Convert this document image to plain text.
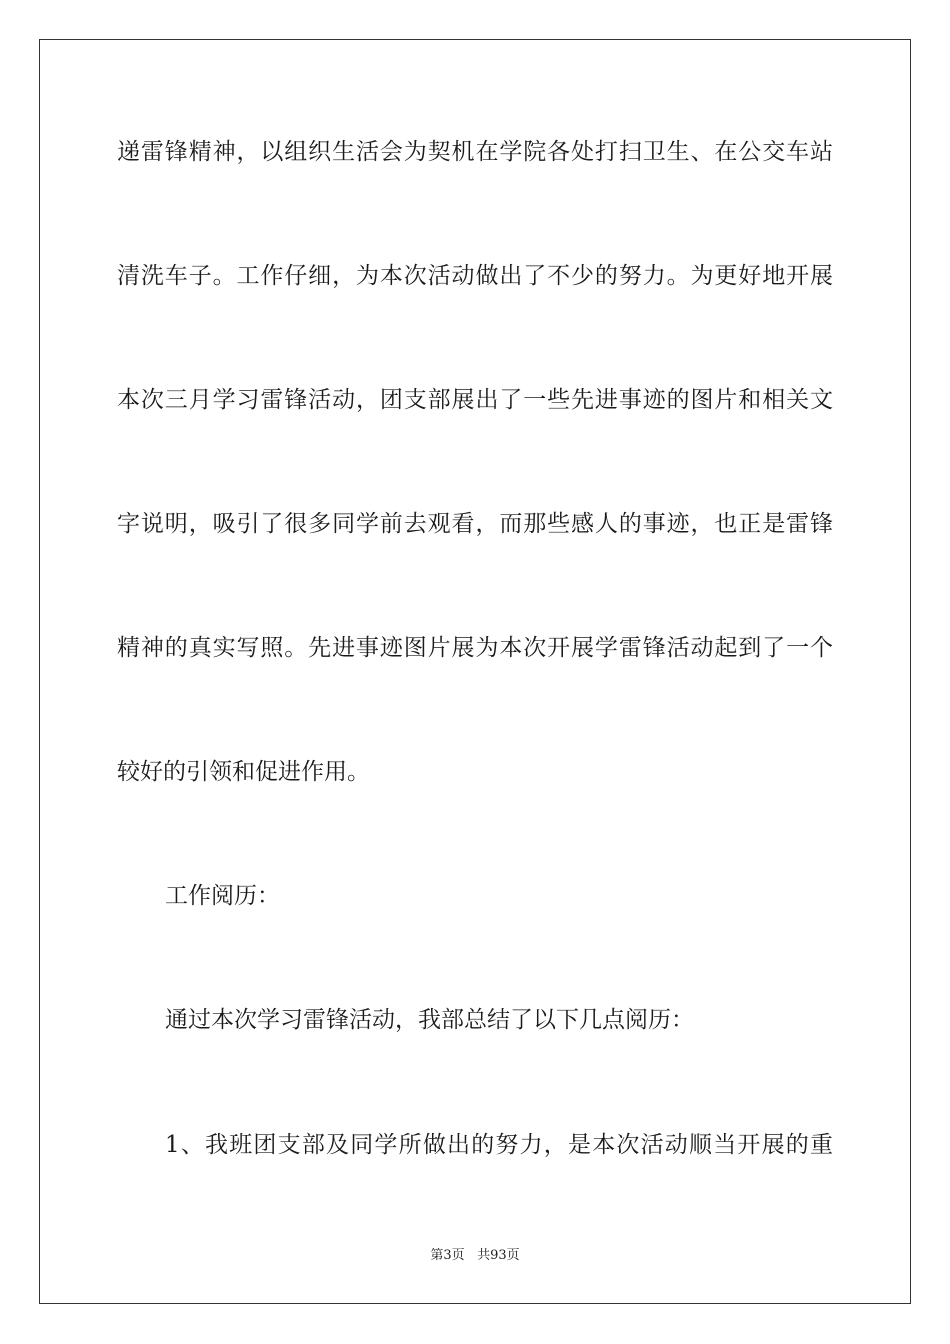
递雷锋精神，以组织生活会为契机在学院各处打扫卫生、在公交车站
清洗车子。工作仔细，为本次活动做出了不少的努力。为更好地开展
本次三月学习雷锋活动，团支部展出了一些先进事迹的图片和相关文
字说明，吸引了很多同学前去观看，而那些感人的事迹，也正是雷锋
精神的真实写照。先进事迹图片展为本次开展学雷锋活动起到了一个
较好的引领和促进作用。
工作阅历：
通过本次学习雷锋活动，我部总结了以下几点阅历：
1、我班团支部及同学所做出的努力，是本次活动顺当开展的重
第3页 共93页
